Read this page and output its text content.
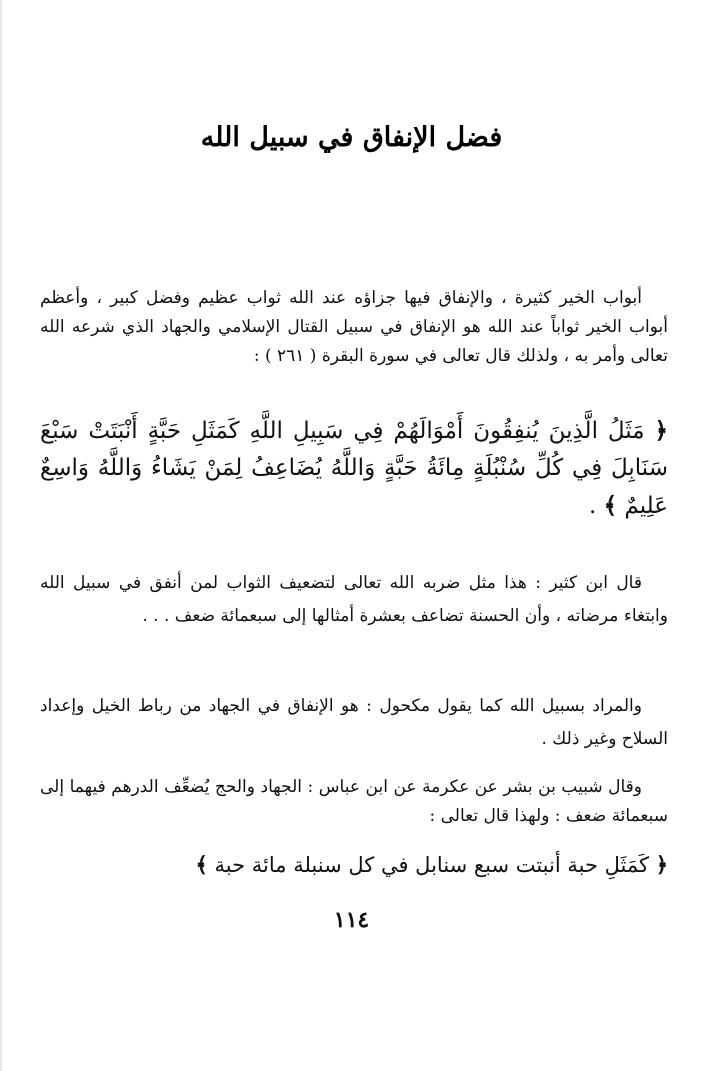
فضل الإنفاق في سبيل الله
أبواب الخير كثيرة ، والإنفاق فيها جزاؤه عند الله ثواب عظيم وفضل كبير ، وأعظم أبواب الخير ثواباً عند الله هو الإنفاق في سبيل القتال الإسلامي والجهاد الذي شرعه الله تعالى وأمر به ، ولذلك قال تعالى في سورة البقرة ( ٢٦١ ) :
﴿ مَثَلُ الَّذِينَ يُنفِقُونَ أَمْوَالَهُمْ فِي سَبِيلِ اللَّهِ كَمَثَلِ حَبَّةٍ أَنْبَتَتْ سَبْعَ سَنَابِلَ فِي كُلِّ سُنْبُلَةٍ مِائَةُ حَبَّةٍ وَاللَّهُ يُضَاعِفُ لِمَنْ يَشَاءُ وَاللَّهُ وَاسِعٌ عَلِيمٌ ﴾ .
قال ابن كثير : هذا مثل ضربه الله تعالى لتضعيف الثواب لمن أنفق في سبيل الله وابتغاء مرضاته ، وأن الحسنة تضاعف بعشرة أمثالها إلى سبعمائة ضعف . . .
والمراد بسبيل الله كما يقول مكحول : هو الإنفاق في الجهاد من رباط الخيل وإعداد السلاح وغير ذلك .
وقال شبيب بن بشر عن عكرمة عن ابن عباس : الجهاد والحج يُضعِّف الدرهم فيهما إلى سبعمائة ضعف : ولهذا قال تعالى :
﴿ كَمَثَلِ حبة أنبتت سبع سنابل في كل سنبلة مائة حبة ﴾
١١٤
